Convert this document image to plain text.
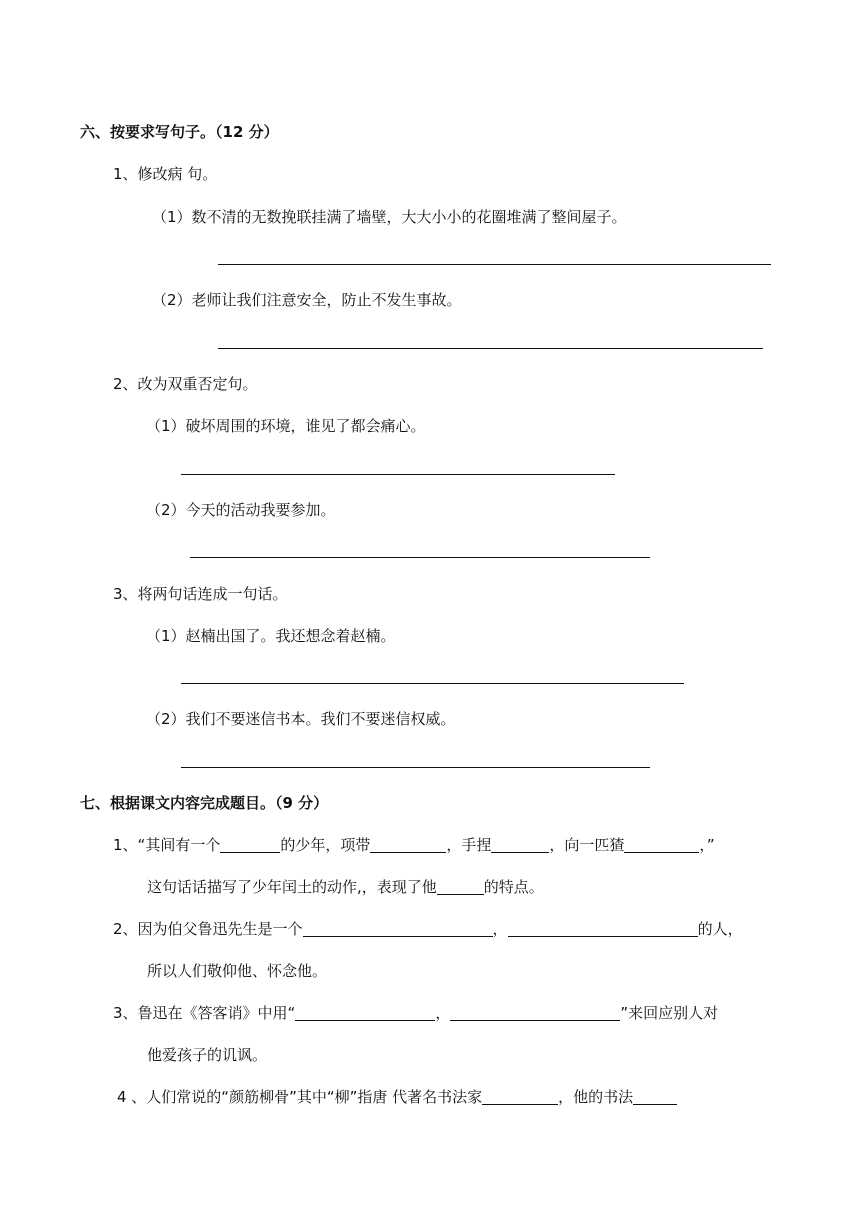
六、按要求写句子。（12 分）
1、修改病 句。
（1）数不清的无数挽联挂满了墙壁，大大小小的花圈堆满了整间屋子。
（2）老师让我们注意安全，防止不发生事故。
2、改为双重否定句。
（1）破坏周围的环境，谁见了都会痛心。
（2）今天的活动我要参加。
3、将两句话连成一句话。
（1）赵楠出国了。我还想念着赵楠。
（2）我们不要迷信书本。我们不要迷信权威。
七、根据课文内容完成题目。（9 分）
1、“其间有一个	的少年，项带	，手捏	，向一匹猹	，”
这句话话描写了少年闰土的动作,，表现了他	的特点。
2、因为伯父鲁迅先生是一个	，	的人，
所以人们敬仰他、怀念他。
3、鲁迅在《答客诮》中用“	，	”来回应别人对
他爱孩子的讥讽。
4 、人们常说的“颜筋柳骨”其中“柳”指唐 代著名书法家	，他的书法
